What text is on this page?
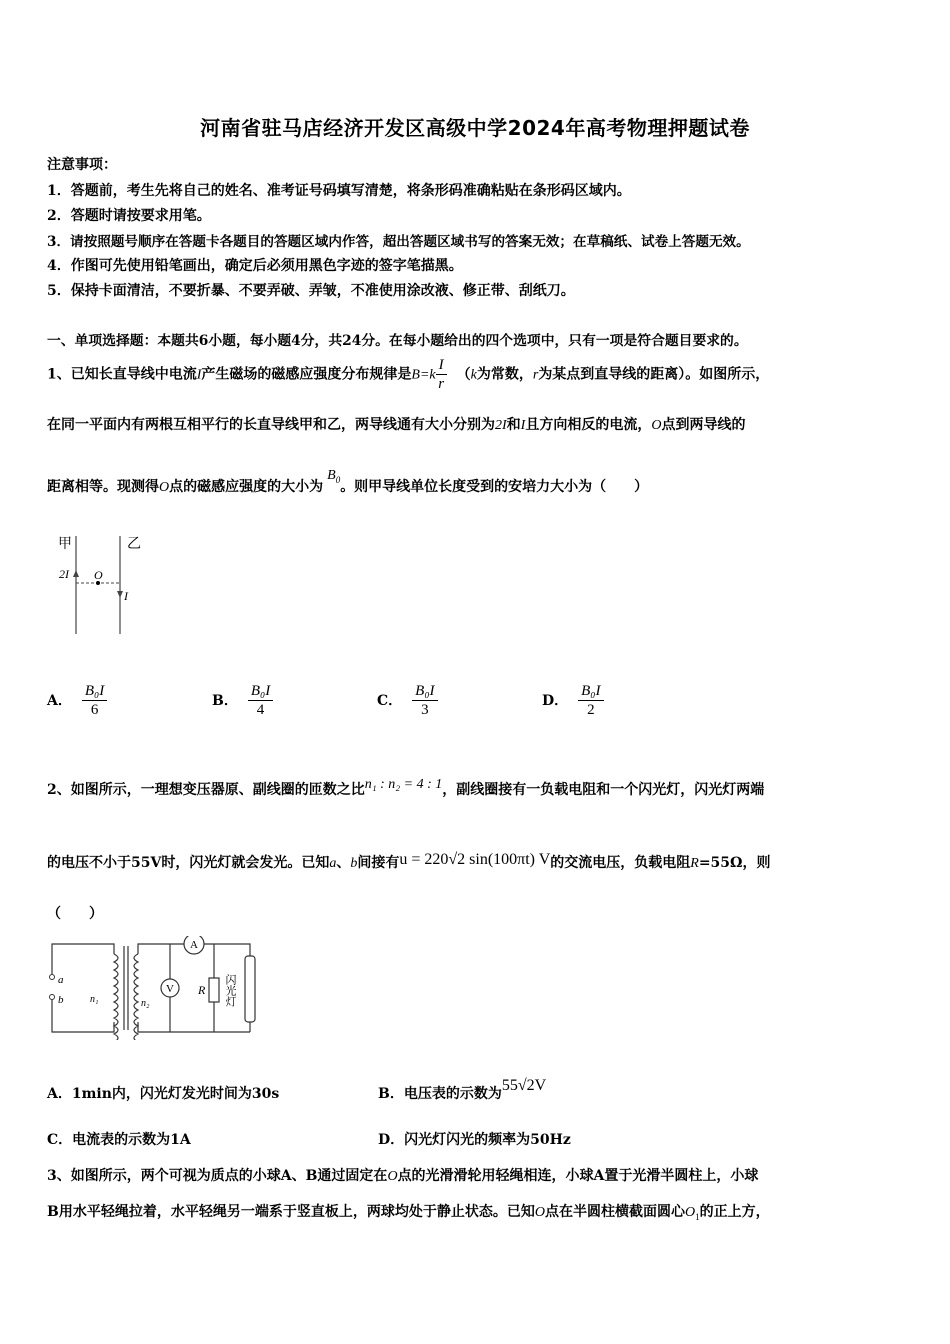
河南省驻马店经济开发区高级中学2024年高考物理押题试卷
注意事项：
1．答题前，考生先将自己的姓名、准考证号码填写清楚，将条形码准确粘贴在条形码区域内。
2．答题时请按要求用笔。
3．请按照题号顺序在答题卡各题目的答题区域内作答，超出答题区域书写的答案无效；在草稿纸、试卷上答题无效。
4．作图可先使用铅笔画出，确定后必须用黑色字迹的签字笔描黑。
5．保持卡面清洁，不要折暴、不要弄破、弄皱，不准使用涂改液、修正带、刮纸刀。
一、单项选择题：本题共6小题，每小题4分，共24分。在每小题给出的四个选项中，只有一项是符合题目要求的。
1、已知长直导线中电流I产生磁场的磁感应强度分布规律是$B=k \frac{I}{r} (k$为常数，r为某点到直导线的距离）。如图所示，
在同一平面内有两根互相平行的长直导线甲和乙，两导线通有大小分别为2I和I且方向相反的电流，O点到两导线的
距离相等。现测得O点的磁感应强度的大小为$B_0$。则甲导线单位长度受到的安培力大小为（　　）
甲	乙
2I O
I
A． $\frac{\text{B₀I}}{6}$	B． $\frac{\text{B₀I}}{4}$	C． $\frac{\text{B₀I}}{3}$	D． $\frac{\text{B₀I}}{2}$
2、如图所示，一理想变压器原、副线圈的匝数之比n₁ : n₂ = 4 : 1，副线圈接有一负载电阻和一个闪光灯，闪光灯两端
的电压不小于55V时，闪光灯就会发光。已知a、b间接有u = 220√2 sin(100πt) V的交流电压，负载电阻R=55Ω，则
（　　）
a
b	n₁	n₂
A
V R 闪光灯
A．1min内，闪光灯发光时间为30s	B．电压表的示数为55√2V
C．电流表的示数为1A	D．闪光灯闪光的频率为50Hz
3、如图所示，两个可视为质点的小球A、B通过固定在O点的光滑滑轮用轻绳相连，小球A置于光滑半圆柱上，小球
B用水平轻绳拉着，水平轻绳另一端系于竖直板上，两球均处于静止状态。已知O点在半圆柱横截面圆心$O_1$的正上方，
